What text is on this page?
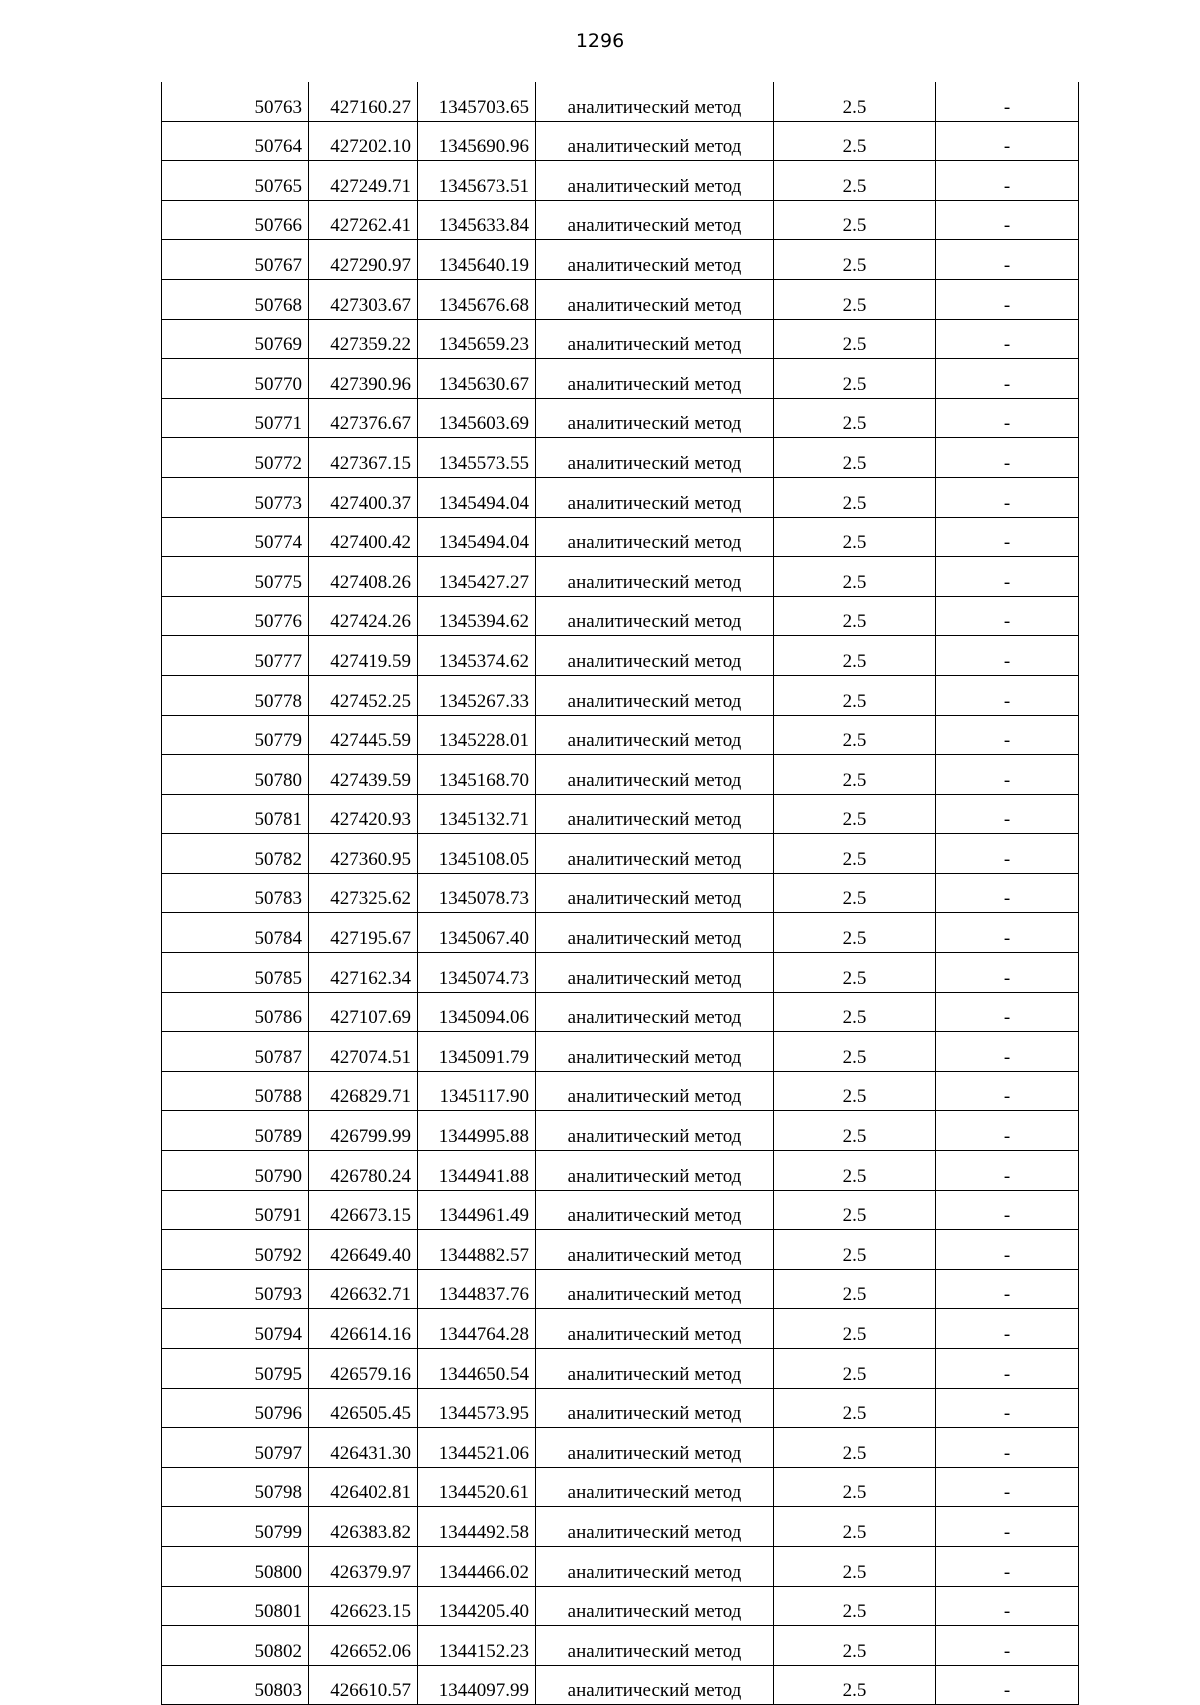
1296
50763	427160.27	1345703.65	аналитический метод	2.5	-
50764	427202.10	1345690.96	аналитический метод	2.5	-
50765	427249.71	1345673.51	аналитический метод	2.5	-
50766	427262.41	1345633.84	аналитический метод	2.5	-
50767	427290.97	1345640.19	аналитический метод	2.5	-
50768	427303.67	1345676.68	аналитический метод	2.5	-
50769	427359.22	1345659.23	аналитический метод	2.5	-
50770	427390.96	1345630.67	аналитический метод	2.5	-
50771	427376.67	1345603.69	аналитический метод	2.5	-
50772	427367.15	1345573.55	аналитический метод	2.5	-
50773	427400.37	1345494.04	аналитический метод	2.5	-
50774	427400.42	1345494.04	аналитический метод	2.5	-
50775	427408.26	1345427.27	аналитический метод	2.5	-
50776	427424.26	1345394.62	аналитический метод	2.5	-
50777	427419.59	1345374.62	аналитический метод	2.5	-
50778	427452.25	1345267.33	аналитический метод	2.5	-
50779	427445.59	1345228.01	аналитический метод	2.5	-
50780	427439.59	1345168.70	аналитический метод	2.5	-
50781	427420.93	1345132.71	аналитический метод	2.5	-
50782	427360.95	1345108.05	аналитический метод	2.5	-
50783	427325.62	1345078.73	аналитический метод	2.5	-
50784	427195.67	1345067.40	аналитический метод	2.5	-
50785	427162.34	1345074.73	аналитический метод	2.5	-
50786	427107.69	1345094.06	аналитический метод	2.5	-
50787	427074.51	1345091.79	аналитический метод	2.5	-
50788	426829.71	1345117.90	аналитический метод	2.5	-
50789	426799.99	1344995.88	аналитический метод	2.5	-
50790	426780.24	1344941.88	аналитический метод	2.5	-
50791	426673.15	1344961.49	аналитический метод	2.5	-
50792	426649.40	1344882.57	аналитический метод	2.5	-
50793	426632.71	1344837.76	аналитический метод	2.5	-
50794	426614.16	1344764.28	аналитический метод	2.5	-
50795	426579.16	1344650.54	аналитический метод	2.5	-
50796	426505.45	1344573.95	аналитический метод	2.5	-
50797	426431.30	1344521.06	аналитический метод	2.5	-
50798	426402.81	1344520.61	аналитический метод	2.5	-
50799	426383.82	1344492.58	аналитический метод	2.5	-
50800	426379.97	1344466.02	аналитический метод	2.5	-
50801	426623.15	1344205.40	аналитический метод	2.5	-
50802	426652.06	1344152.23	аналитический метод	2.5	-
50803	426610.57	1344097.99	аналитический метод	2.5	-
